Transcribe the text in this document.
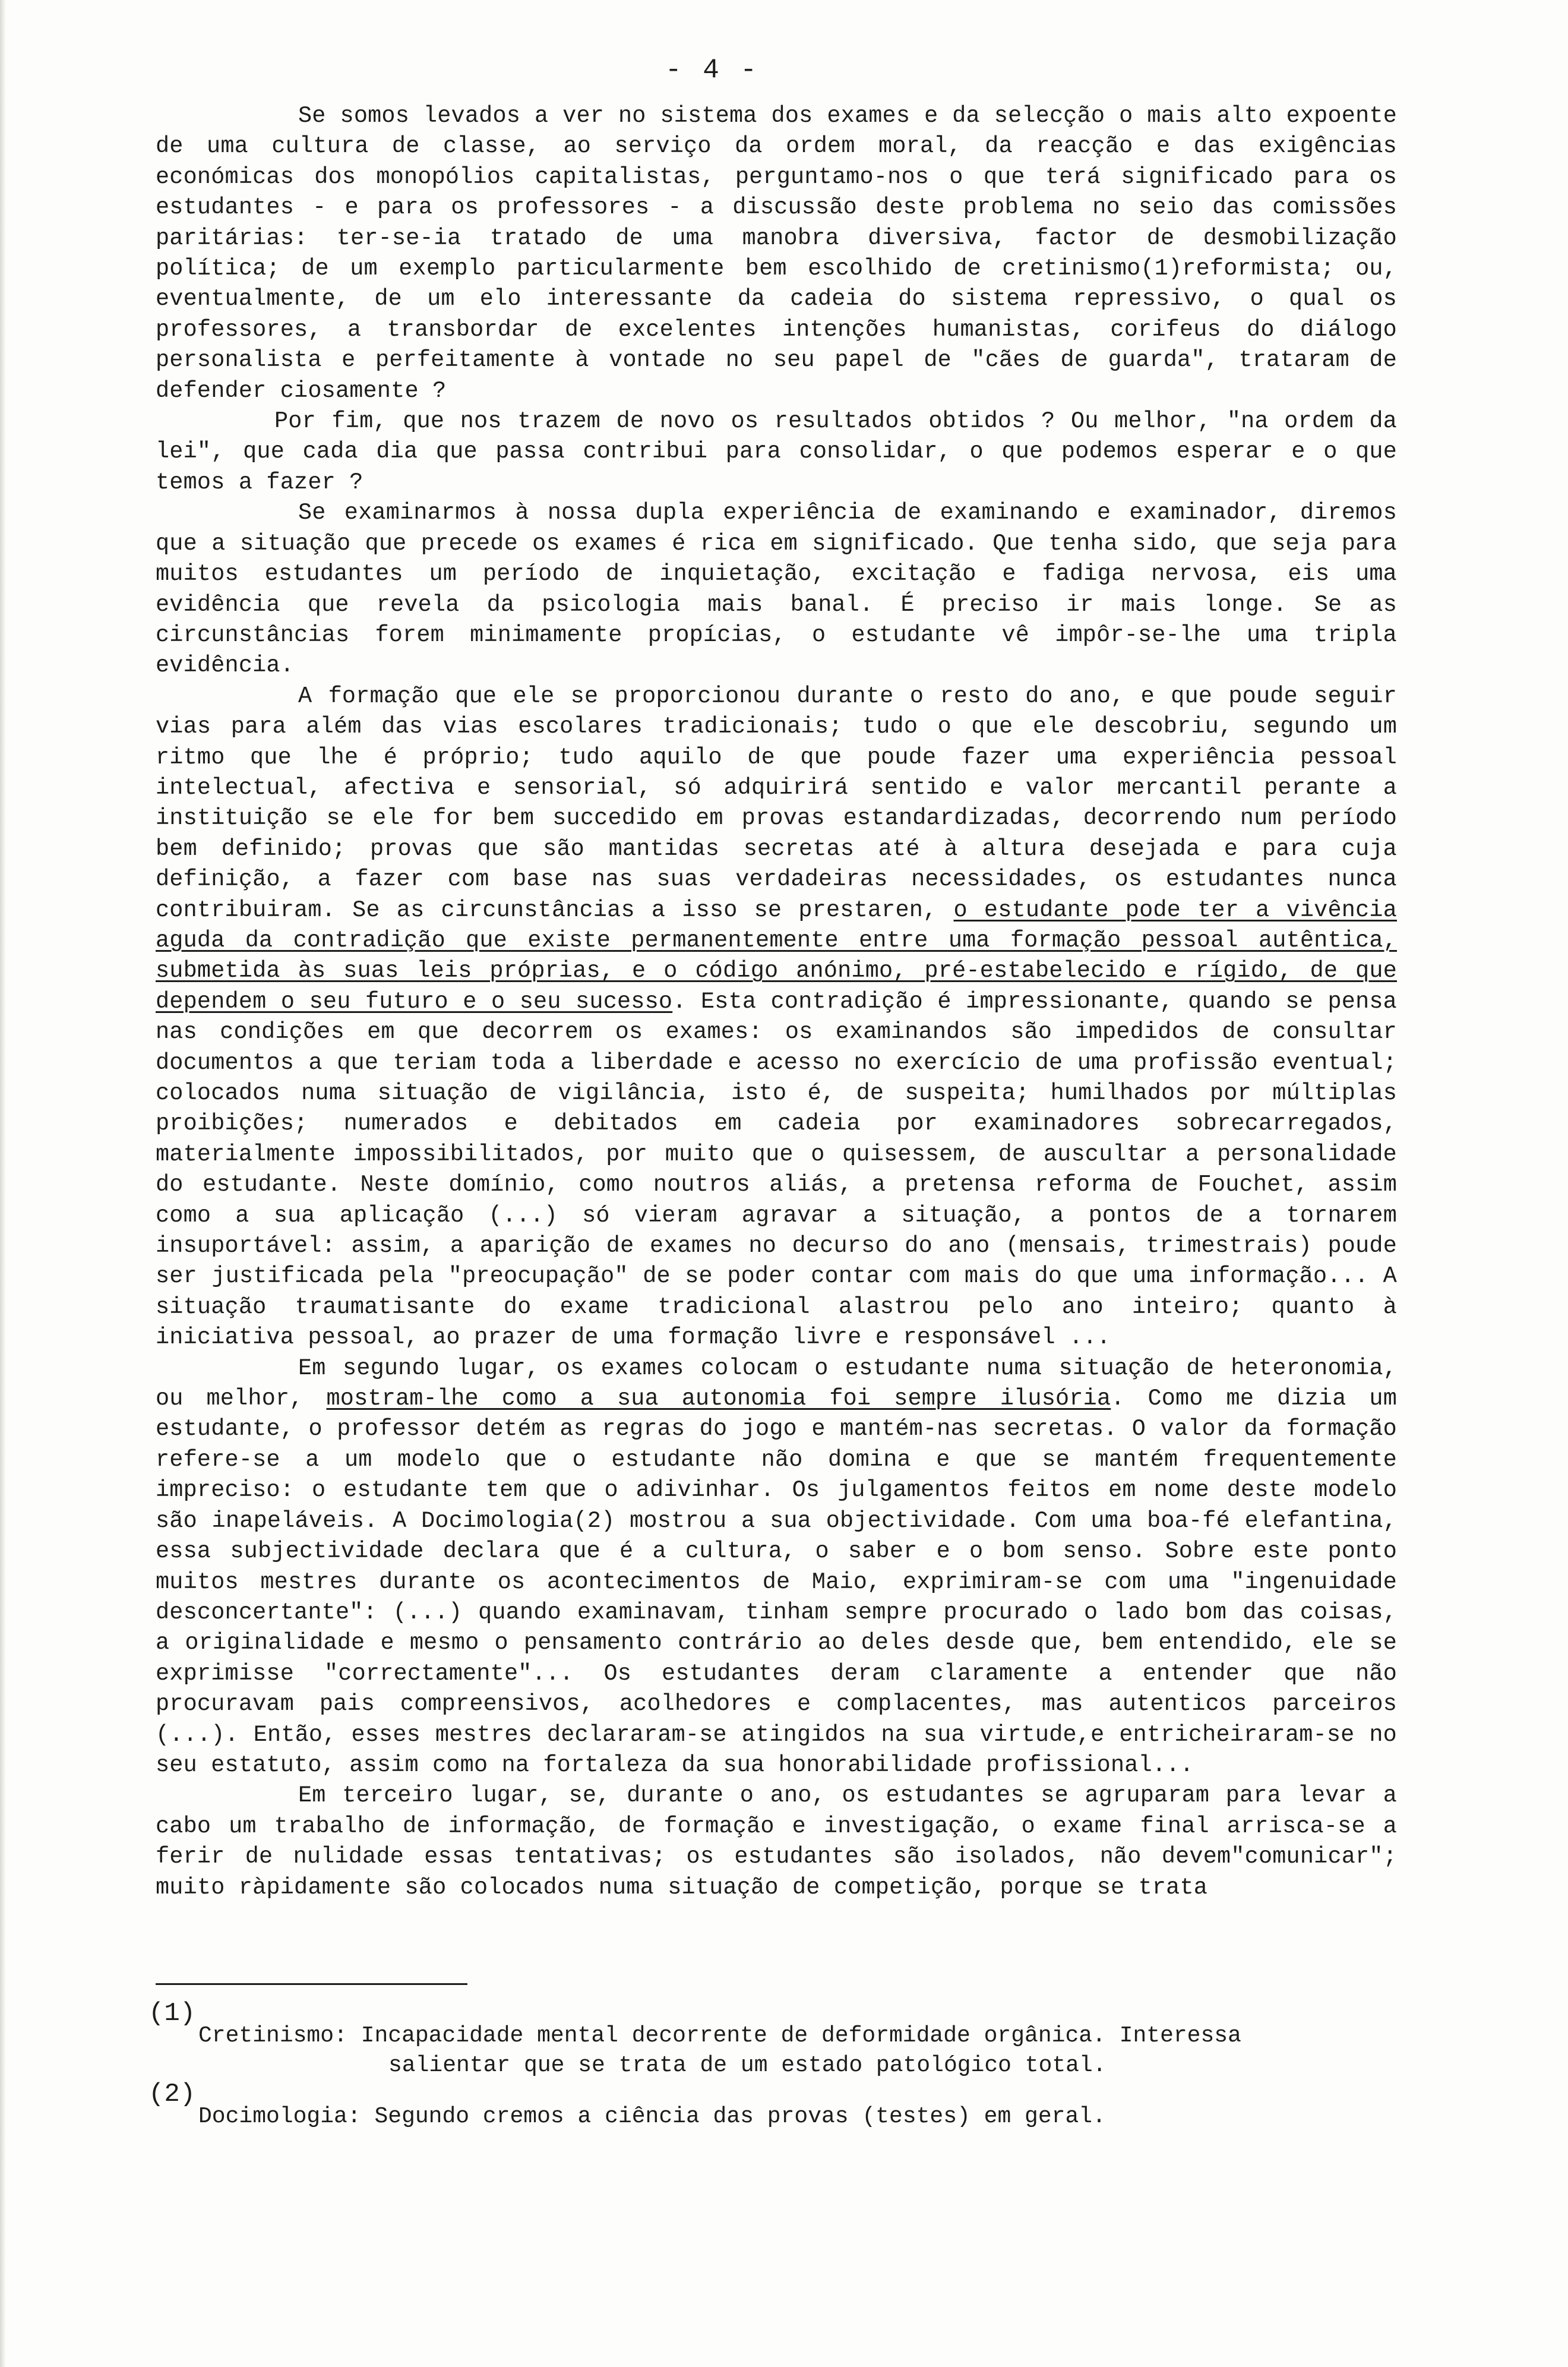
- 4 -

Se somos levados a ver no sistema dos exames e da selecção o mais alto expoente de uma cultura de classe, ao serviço da ordem moral, da reacção e das exigências económicas dos monopólios capitalistas, perguntamo-nos o que terá significado para os estudantes - e para os professores - a discussão deste problema no seio das comissões paritárias: ter-se-ia tratado de uma manobra diversiva, factor de desmobilização política; de um exemplo particularmente bem escolhido de cretinismo(1)reformista; ou, eventualmente, de um elo interessante da cadeia do sistema repressivo, o qual os professores, a transbordar de excelentes intenções humanistas, corifeus do diálogo personalista e perfeitamente à vontade no seu papel de "cães de guarda", trataram de defender ciosamente ?

Por fim, que nos trazem de novo os resultados obtidos ? Ou melhor, "na ordem da lei", que cada dia que passa contribui para consolidar, o que podemos esperar e o que temos a fazer ?

Se examinarmos à nossa dupla experiência de examinando e examinador, diremos que a situação que precede os exames é rica em significado. Que tenha sido, que seja para muitos estudantes um período de inquietação, excitação e fadiga nervosa, eis uma evidência que revela da psicologia mais banal. É preciso ir mais longe. Se as circunstâncias forem minimamente propícias, o estudante vê impôr-se-lhe uma tripla evidência.

A formação que ele se proporcionou durante o resto do ano, e que poude seguir vias para além das vias escolares tradicionais; tudo o que ele descobriu, segundo um ritmo que lhe é próprio; tudo aquilo de que poude fazer uma experiência pessoal intelectual, afectiva e sensorial, só adquirirá sentido e valor mercantil perante a instituição se ele for bem succedido em provas estandardizadas, decorrendo num período bem definido; provas que são mantidas secretas até à altura desejada e para cuja definição, a fazer com base nas suas verdadeiras necessidades, os estudantes nunca contribuiram. Se as circunstâncias a isso se prestaren, o estudante pode ter a vivência aguda da contradição que existe permanentemente entre uma formação pessoal autêntica, submetida às suas leis próprias, e o código anónimo, pré-estabelecido e rígido, de que dependem o seu futuro e o seu sucesso. Esta contradição é impressionante, quando se pensa nas condições em que decorrem os exames: os examinandos são impedidos de consultar documentos a que teriam toda a liberdade e acesso no exercício de uma profissão eventual; colocados numa situação de vigilância, isto é, de suspeita; humilhados por múltiplas proibições; numerados e debitados em cadeia por examinadores sobrecarregados, materialmente impossibilitados, por muito que o quisessem, de auscultar a personalidade do estudante. Neste domínio, como noutros aliás, a pretensa reforma de Fouchet, assim como a sua aplicação (...) só vieram agravar a situação, a pontos de a tornarem insuportável: assim, a aparição de exames no decurso do ano (mensais, trimestrais) poude ser justificada pela "preocupação" de se poder contar com mais do que uma informação... A situação traumatisante do exame tradicional alastrou pelo ano inteiro; quanto à iniciativa pessoal, ao prazer de uma formação livre e responsável ...

Em segundo lugar, os exames colocam o estudante numa situação de heteronomia, ou melhor, mostram-lhe como a sua autonomia foi sempre ilusória. Como me dizia um estudante, o professor detém as regras do jogo e mantém-nas secretas. O valor da formação refere-se a um modelo que o estudante não domina e que se mantém frequentemente impreciso: o estudante tem que o adivinhar. Os julgamentos feitos em nome deste modelo são inapeláveis. A Docimologia(2) mostrou a sua objectividade. Com uma boa-fé elefantina, essa subjectividade declara que é a cultura, o saber e o bom senso. Sobre este ponto muitos mestres durante os acontecimentos de Maio, exprimiram-se com uma "ingenuidade desconcertante": (...) quando examinavam, tinham sempre procurado o lado bom das coisas, a originalidade e mesmo o pensamento contrário ao deles desde que, bem entendido, ele se exprimisse "correctamente"... Os estudantes deram claramente a entender que não procuravam pais compreensivos, acolhedores e complacentes, mas autenticos parceiros (...). Então, esses mestres declararam-se atingidos na sua virtude,e entricheiraram-se no seu estatuto, assim como na fortaleza da sua honorabilidade profissional...

Em terceiro lugar, se, durante o ano, os estudantes se agruparam para levar a cabo um trabalho de informação, de formação e investigação, o exame final arrisca-se a ferir de nulidade essas tentativas; os estudantes são isolados, não devem"comunicar"; muito ràpidamente são colocados numa situação de competição, porque se trata

(1)
Cretinismo: Incapacidade mental decorrente de deformidade orgânica. Interessa
salientar que se trata de um estado patológico total.
(2)
Docimologia: Segundo cremos a ciência das provas (testes) em geral.
